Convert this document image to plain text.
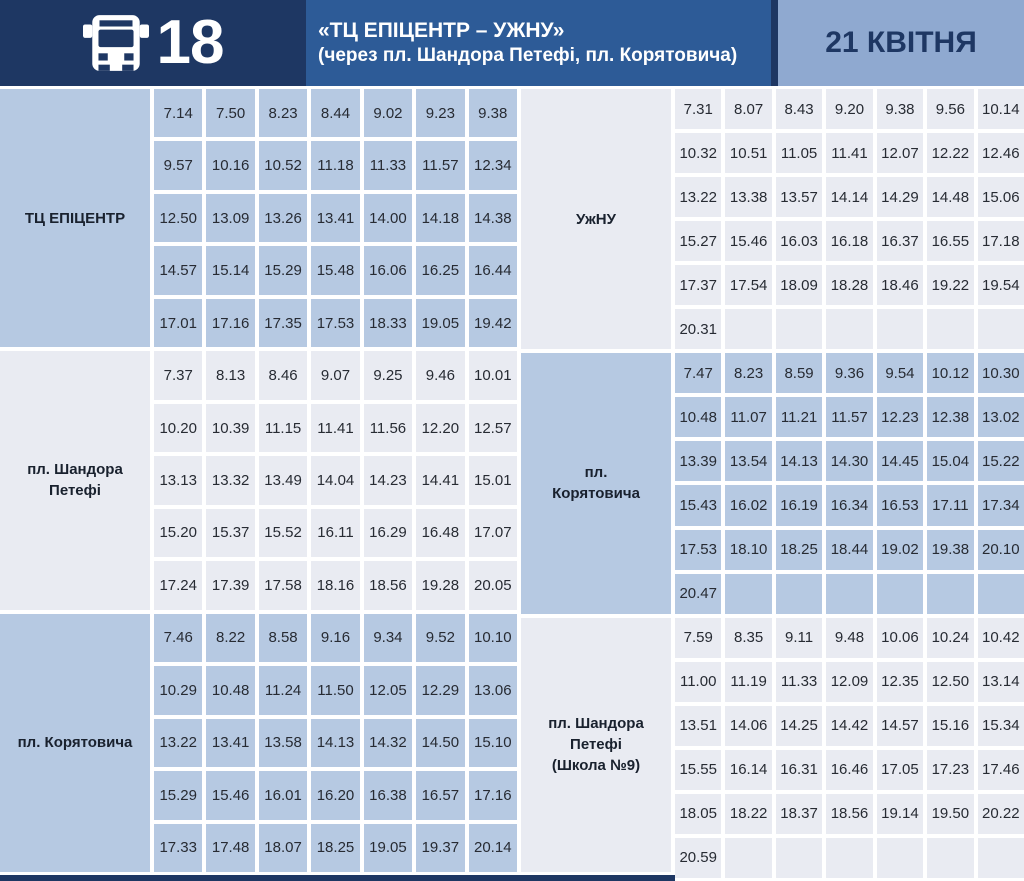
18	«ТЦ ЕПІЦЕНТР – УЖНУ»
(через пл. Шандора Петефі, пл. Корятовича)	21 КВІТНЯ
ТЦ ЕПІЦЕНТР
7.14	7.50	8.23	8.44	9.02	9.23	9.38
9.57	10.16 10.52	11.18	11.33	11.57	12.34
12.50 13.09 13.26 13.41 14.00 14.18 14.38
14.57 15.14 15.29 15.48 16.06 16.25 16.44
17.01 17.16 17.35 17.53 18.33 19.05 19.42
пл. Шандора Петефі
7.37	8.13	8.46	9.07	9.25	9.46	10.01
10.20 10.39	11.15	11.41	11.56	12.20 12.57
13.13 13.32 13.49 14.04 14.23 14.41 15.01
15.20 15.37 15.52	16.11	16.29 16.48 17.07
17.24 17.39 17.58 18.16 18.56 19.28 20.05
пл. Корятовича
7.46	8.22	8.58	9.16	9.34	9.52	10.10
10.29 10.48	11.24	11.50	12.05 12.29 13.06
13.22 13.41 13.58 14.13 14.32 14.50 15.10
15.29 15.46 16.01 16.20 16.38 16.57 17.16
17.33 17.48 18.07 18.25 19.05 19.37 20.14
УжНУ
7.31	8.07	8.43	9.20	9.38	9.56	10.14
10.32 10.51 11.05 11.41 12.07 12.22 12.46
13.22 13.38 13.57 14.14 14.29 14.48 15.06
15.27 15.46 16.03 16.18 16.37 16.55 17.18
17.37 17.54 18.09 18.28 18.46 19.22 19.54
20.31
пл. Корятовича
7.47	8.23	8.59	9.36	9.54	10.12 10.30
10.48 11.07 11.21 11.57 12.23 12.38 13.02
13.39 13.54 14.13 14.30 14.45 15.04 15.22
15.43 16.02 16.19 16.34 16.53 17.11 17.34
17.53 18.10 18.25 18.44 19.02 19.38 20.10
20.47
пл. Шандора Петефі (Школа №9)
7.59	8.35	9.11	9.48	10.06 10.24 10.42
11.00 11.19 11.33 12.09 12.35 12.50 13.14
13.51 14.06 14.25 14.42 14.57 15.16 15.34
15.55 16.14 16.31 16.46 17.05 17.23 17.46
18.05 18.22 18.37 18.56 19.14 19.50 20.22
20.59
